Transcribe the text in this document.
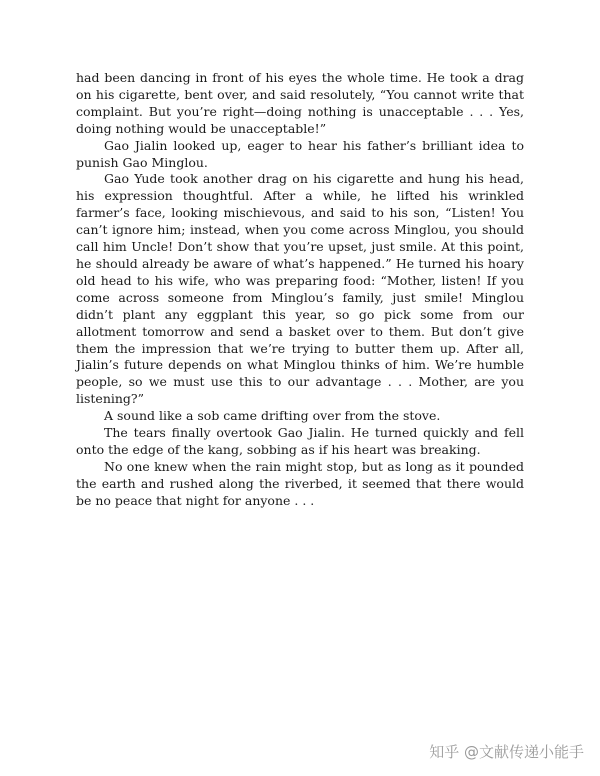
had been dancing in front of his eyes the whole time. He took a drag on his cigarette, bent over, and said resolutely, “You cannot write that complaint. But you’re right—doing nothing is unacceptable . . . Yes, doing nothing would be unacceptable!”

Gao Jialin looked up, eager to hear his father’s brilliant idea to punish Gao Minglou.

Gao Yude took another drag on his cigarette and hung his head, his expression thoughtful. After a while, he lifted his wrinkled farmer’s face, looking mischievous, and said to his son, “Listen! You can’t ignore him; instead, when you come across Minglou, you should call him Uncle! Don’t show that you’re upset, just smile. At this point, he should already be aware of what’s happened.” He turned his hoary old head to his wife, who was preparing food: “Mother, listen! If you come across someone from Minglou’s family, just smile! Minglou didn’t plant any eggplant this year, so go pick some from our allotment tomorrow and send a basket over to them. But don’t give them the impression that we’re trying to butter them up. After all, Jialin’s future depends on what Minglou thinks of him. We’re humble people, so we must use this to our advantage . . . Mother, are you listening?”

A sound like a sob came drifting over from the stove.

The tears finally overtook Gao Jialin. He turned quickly and fell onto the edge of the kang, sobbing as if his heart was breaking.

No one knew when the rain might stop, but as long as it pounded the earth and rushed along the riverbed, it seemed that there would be no peace that night for anyone . . .

知乎 @文献传递小能手
